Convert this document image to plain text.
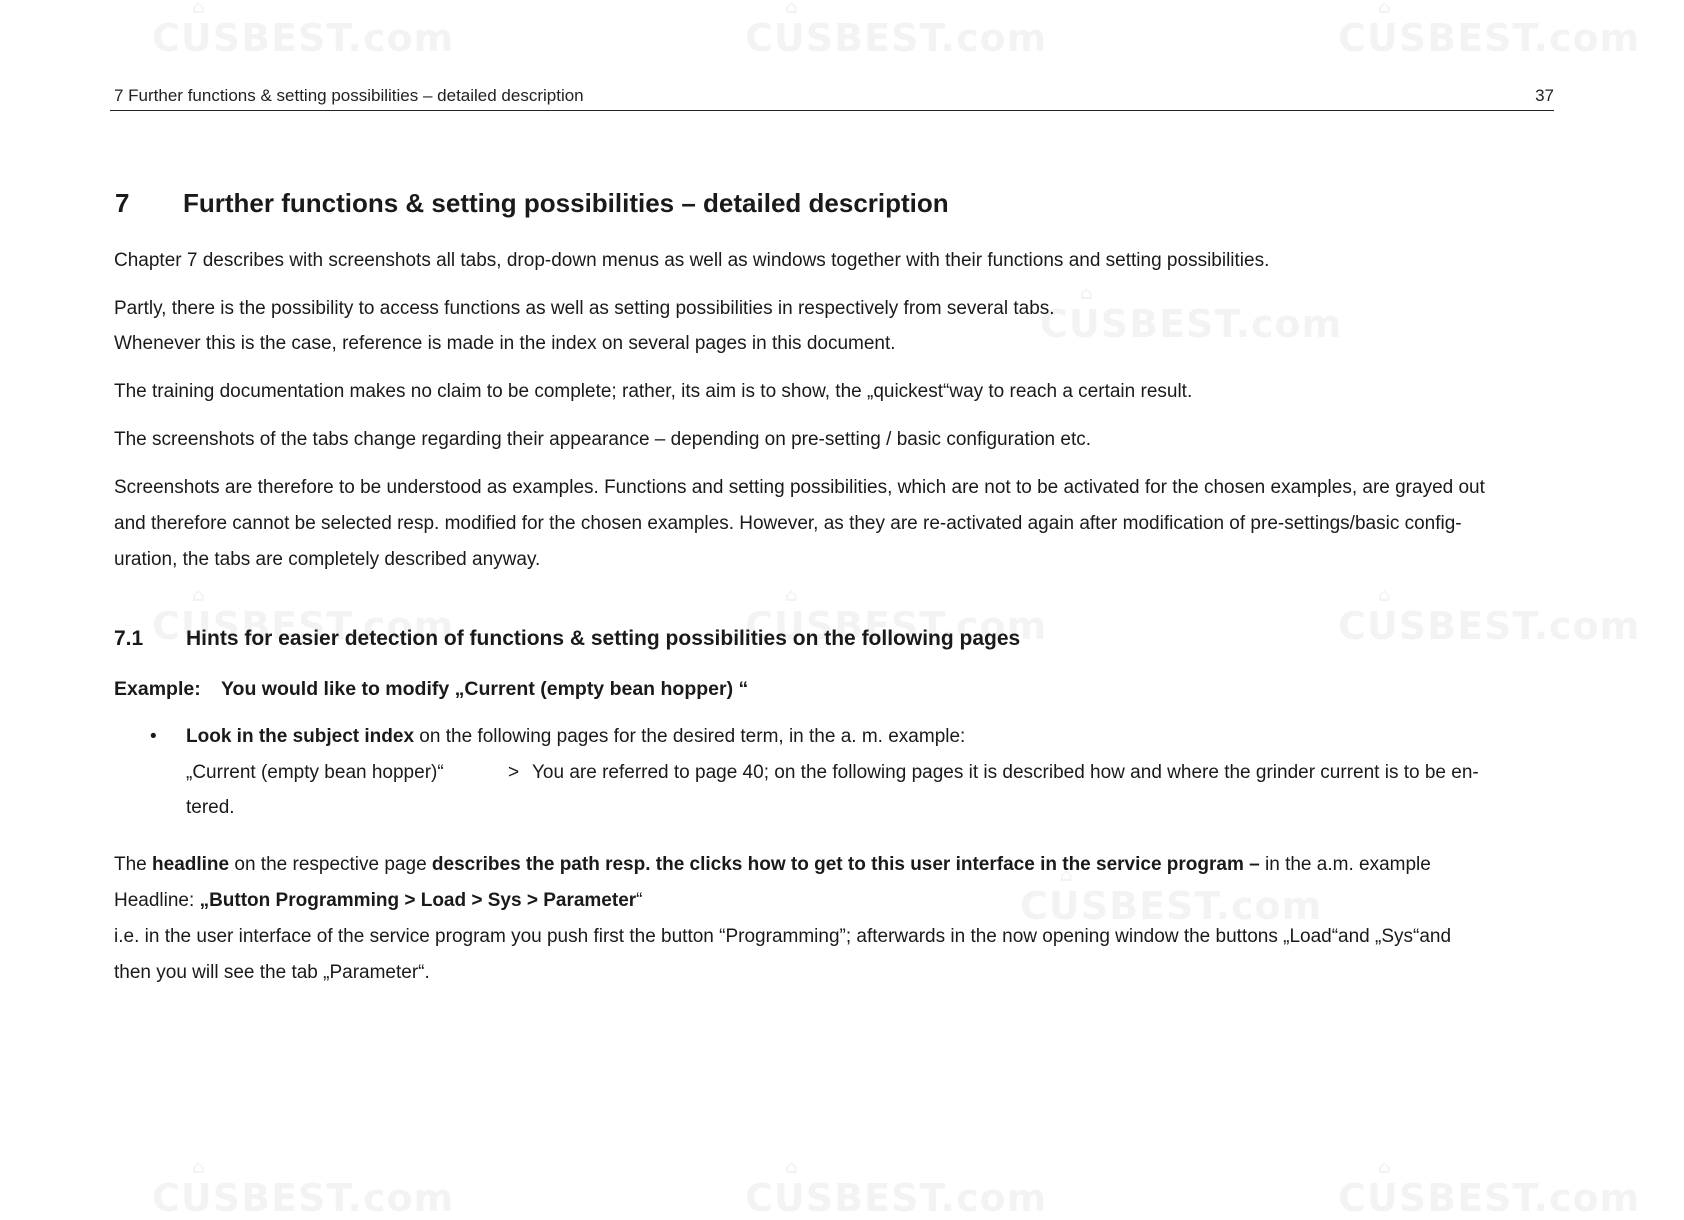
7 Further functions & setting possibilities – detailed description	37
7 Further functions & setting possibilities – detailed description
Chapter 7 describes with screenshots all tabs, drop-down menus as well as windows together with their functions and setting possibilities.
Partly, there is the possibility to access functions as well as setting possibilities in respectively from several tabs.
Whenever this is the case, reference is made in the index on several pages in this document.
The training documentation makes no claim to be complete; rather, its aim is to show, the „quickest“way to reach a certain result.
The screenshots of the tabs change regarding their appearance – depending on pre-setting / basic configuration etc.
Screenshots are therefore to be understood as examples. Functions and setting possibilities, which are not to be activated for the chosen examples, are grayed out
and therefore cannot be selected resp. modified for the chosen examples. However, as they are re-activated again after modification of pre-settings/basic config-
uration, the tabs are completely described anyway.
7.1 Hints for easier detection of functions & setting possibilities on the following pages
Example: You would like to modify „Current (empty bean hopper) “
• Look in the subject index on the following pages for the desired term, in the a. m. example:
„Current (empty bean hopper)“	> You are referred to page 40; on the following pages it is described how and where the grinder current is to be en-
tered.
The headline on the respective page describes the path resp. the clicks how to get to this user interface in the service program – in the a.m. example
Headline: „Button Programming > Load > Sys > Parameter“
i.e. in the user interface of the service program you push first the button “Programming”; afterwards in the now opening window the buttons „Load“and „Sys“and
then you will see the tab „Parameter“.
